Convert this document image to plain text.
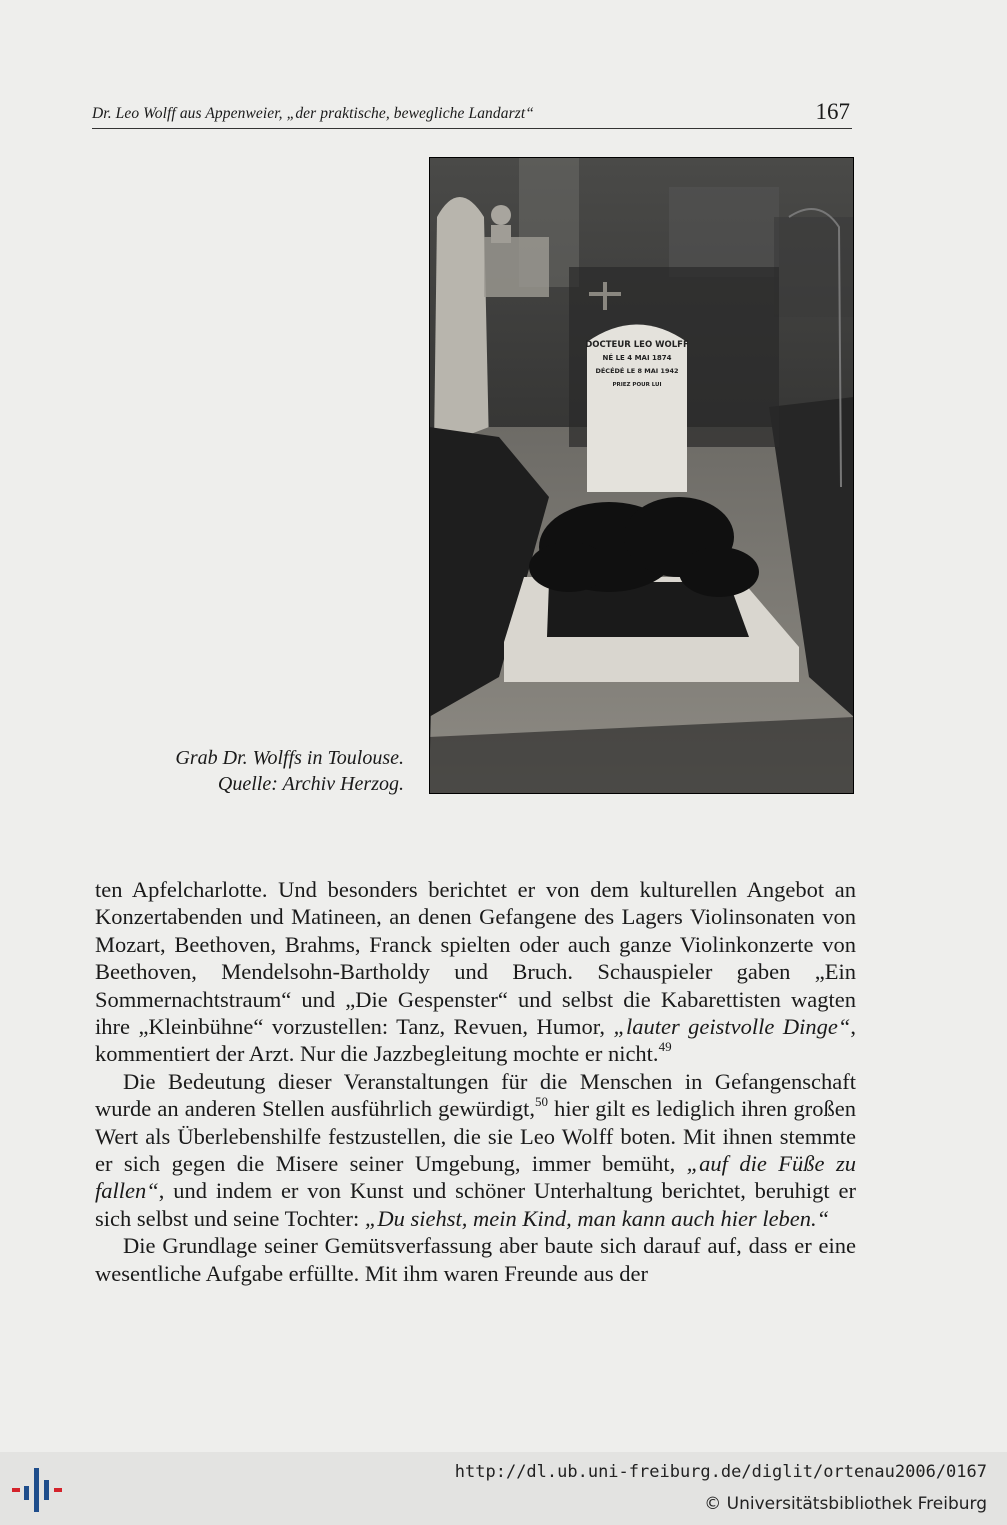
Dr. Leo Wolff aus Appenweier, „der praktische, bewegliche Landarzt“	167
DOCTEUR LEO WOLFF
NÉ LE 4 MAI 1874
DÉCÉDÉ LE 8 MAI 1942
PRIEZ POUR LUI
Grab Dr. Wolffs in Toulouse.
Quelle: Archiv Herzog.

ten Apfelcharlotte. Und besonders berichtet er von dem kulturellen Angebot an Konzertabenden und Matineen, an denen Gefangene des Lagers Violinsonaten von Mozart, Beethoven, Brahms, Franck spielten oder auch ganze Violinkonzerte von Beethoven, Mendelsohn-Bartholdy und Bruch. Schauspieler gaben „Ein Sommernachtstraum“ und „Die Gespenster“ und selbst die Kabarettisten wagten ihre „Kleinbühne“ vorzustellen: Tanz, Revuen, Humor, „lauter geistvolle Dinge“, kommentiert der Arzt. Nur die Jazzbegleitung mochte er nicht.$^{49}$

Die Bedeutung dieser Veranstaltungen für die Menschen in Gefangenschaft wurde an anderen Stellen ausführlich gewürdigt,$^{50}$ hier gilt es lediglich ihren großen Wert als Überlebenshilfe festzustellen, die sie Leo Wolff boten. Mit ihnen stemmte er sich gegen die Misere seiner Umgebung, immer bemüht, „auf die Füße zu fallen“, und indem er von Kunst und schöner Unterhaltung berichtet, beruhigt er sich selbst und seine Tochter: „Du siehst, mein Kind, man kann auch hier leben.“

Die Grundlage seiner Gemütsverfassung aber baute sich darauf auf, dass er eine wesentliche Aufgabe erfüllte. Mit ihm waren Freunde aus der

http://dl.ub.uni-freiburg.de/diglit/ortenau2006/0167
© Universitätsbibliothek Freiburg
